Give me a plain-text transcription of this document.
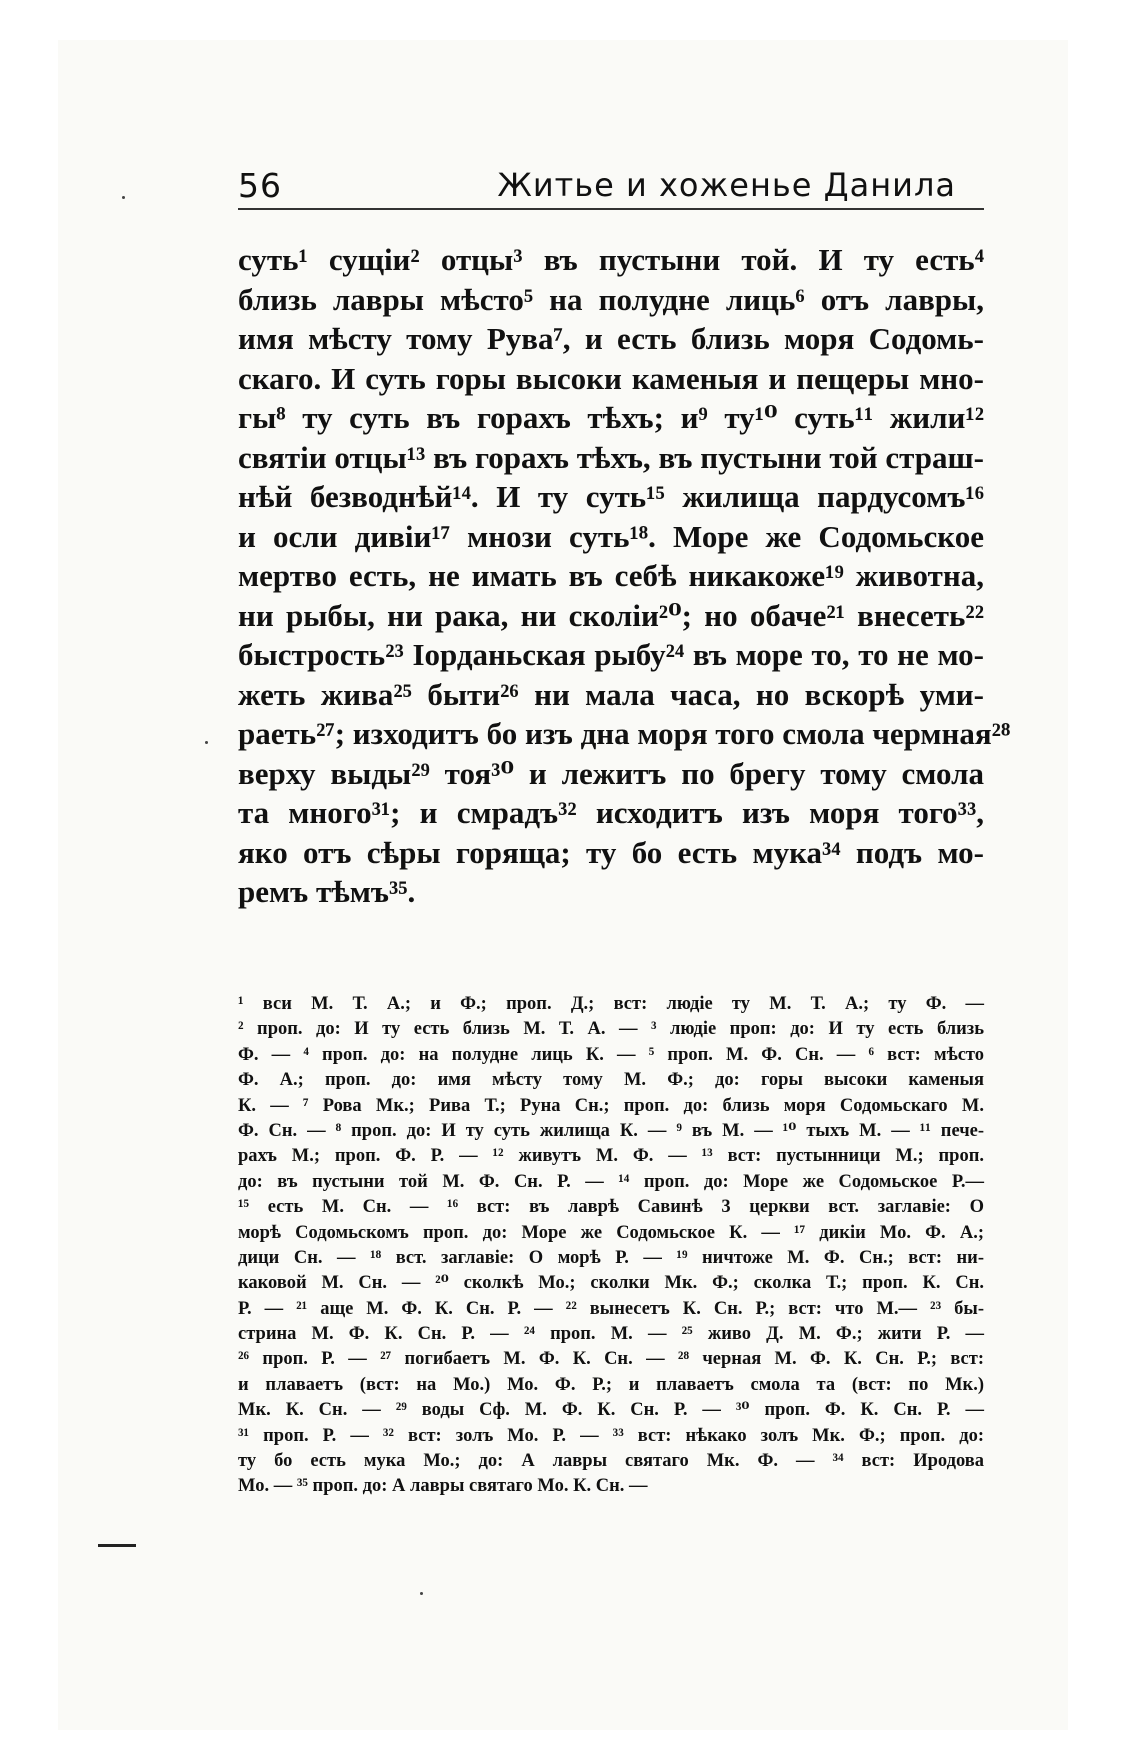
56	Житье и хоженье Данила
суть¹ сущіи² отцы³ въ пустыни той. И ту есть⁴
близь лавры мѣсто⁵ на полудне лиць⁶ отъ лавры,
имя мѣсту тому Рува⁷, и есть близь моря Содомь-
скаго. И суть горы высоки каменыя и пещеры мно-
гы⁸ ту суть въ горахъ тѣхъ; и⁹ ту¹⁰ суть¹¹ жили¹²
святіи отцы¹³ въ горахъ тѣхъ, въ пустыни той страш-
нѣй безводнѣй¹⁴. И ту суть¹⁵ жилища пардусомъ¹⁶
и осли дивіи¹⁷ мнози суть¹⁸. Море же Содомьское
мертво есть, не имать въ себѣ никакоже¹⁹ животна,
ни рыбы, ни рака, ни сколіи²⁰; но обаче²¹ внесеть²²
быстрость²³ Іорданьская рыбу²⁴ въ море то, то не мо-
жеть жива²⁵ быти²⁶ ни мала часа, но вскорѣ уми-
раеть²⁷; изходитъ бо изъ дна моря того смола чермная²⁸
верху выды²⁹ тоя³⁰ и лежитъ по брегу тому смола
та много³¹; и смрадъ³² исходитъ изъ моря того³³,
яко отъ сѣры горяща; ту бо есть мука³⁴ подъ мо-
ремъ тѣмъ³⁵.
¹ вси М. Т. А.; и Ф.; проп. Д.; вст: людіе ту М. Т. А.; ту Ф. —
² проп. до: И ту есть близь М. Т. А. — ³ людіе проп: до: И ту есть близь
Ф. — ⁴ проп. до: на полудне лиць К. — ⁵ проп. М. Ф. Сн. — ⁶ вст: мѣсто
Ф. А.; проп. до: имя мѣсту тому М. Ф.; до: горы высоки каменыя
К. — ⁷ Рова Мк.; Рива Т.; Руна Сн.; проп. до: близь моря Содомьскаго М.
Ф. Сн. — ⁸ проп. до: И ту суть жилища К. — ⁹ въ М. — ¹⁰ тыхъ М. — ¹¹ пече-
рахъ М.; проп. Ф. Р. — ¹² живутъ М. Ф. — ¹³ вст: пустынници М.; проп.
до: въ пустыни той М. Ф. Сн. Р. — ¹⁴ проп. до: Море же Содомьское Р.—
¹⁵ есть М. Сн. — ¹⁶ вст: въ лаврѣ Савинѣ 3 церкви вст. заглавіе: О
морѣ Содомьскомъ проп. до: Море же Содомьское К. — ¹⁷ дикіи Мо. Ф. А.;
дици Сн. — ¹⁸ вст. заглавіе: О морѣ Р. — ¹⁹ ничтоже М. Ф. Сн.; вст: ни-
каковой М. Сн. — ²⁰ сколкѣ Мо.; сколки Мк. Ф.; сколка Т.; проп. К. Сн.
Р. — ²¹ аще М. Ф. К. Сн. Р. — ²² вынесетъ К. Сн. Р.; вст: что М.— ²³ бы-
стрина М. Ф. К. Сн. Р. — ²⁴ проп. М. — ²⁵ живо Д. М. Ф.; жити Р. —
²⁶ проп. Р. — ²⁷ погибаетъ М. Ф. К. Сн. — ²⁸ черная М. Ф. К. Сн. Р.; вст:
и плаваетъ (вст: на Мо.) Мо. Ф. Р.; и плаваетъ смола та (вст: по Мк.)
Мк. К. Сн. — ²⁹ воды Сф. М. Ф. К. Сн. Р. — ³⁰ проп. Ф. К. Сн. Р. —
³¹ проп. Р. — ³² вст: золъ Мо. Р. — ³³ вст: нѣкако золъ Мк. Ф.; проп. до:
ту бо есть мука Мо.; до: А лавры святаго Мк. Ф. — ³⁴ вст: Иродова
Мо. — ³⁵ проп. до: А лавры святаго Мо. К. Сн. —
